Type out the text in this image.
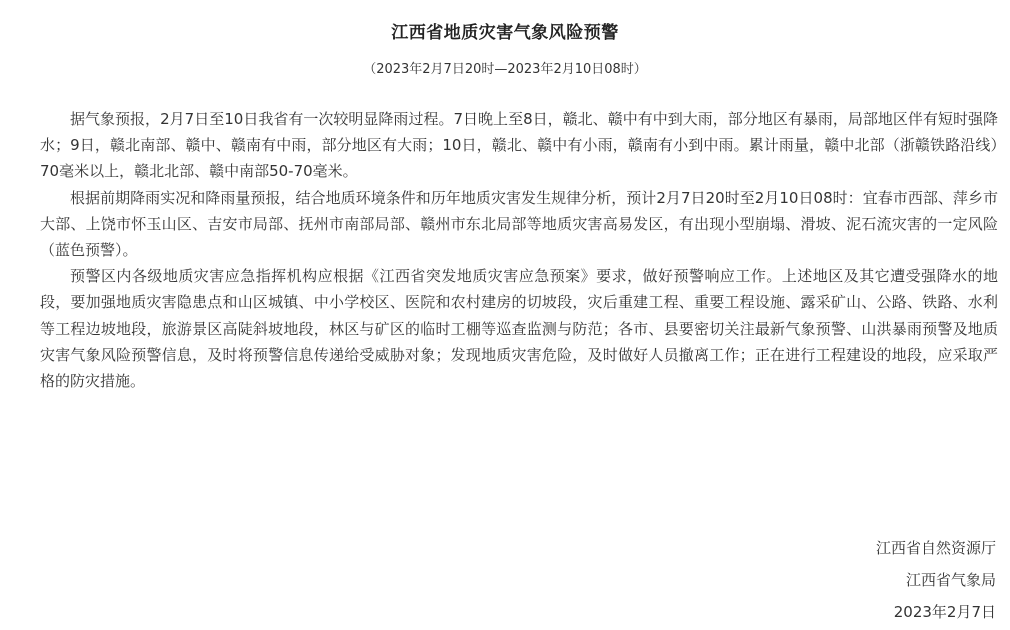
江西省地质灾害气象风险预警
（2023年2月7日20时—2023年2月10日08时）

据气象预报，2月7日至10日我省有一次较明显降雨过程。7日晚上至8日，赣北、赣中有中到大雨，部分地区有暴雨，局部地区伴有短时强降水；9日，赣北南部、赣中、赣南有中雨，部分地区有大雨；10日，赣北、赣中有小雨，赣南有小到中雨。累计雨量，赣中北部（浙赣铁路沿线）70毫米以上，赣北北部、赣中南部50-70毫米。

根据前期降雨实况和降雨量预报，结合地质环境条件和历年地质灾害发生规律分析，预计2月7日20时至2月10日08时：宜春市西部、萍乡市大部、上饶市怀玉山区、吉安市局部、抚州市南部局部、赣州市东北局部等地质灾害高易发区，有出现小型崩塌、滑坡、泥石流灾害的一定风险（蓝色预警）。

预警区内各级地质灾害应急指挥机构应根据《江西省突发地质灾害应急预案》要求，做好预警响应工作。上述地区及其它遭受强降水的地段，要加强地质灾害隐患点和山区城镇、中小学校区、医院和农村建房的切坡段，灾后重建工程、重要工程设施、露采矿山、公路、铁路、水利等工程边坡地段，旅游景区高陡斜坡地段，林区与矿区的临时工棚等巡查监测与防范；各市、县要密切关注最新气象预警、山洪暴雨预警及地质灾害气象风险预警信息，及时将预警信息传递给受威胁对象；发现地质灾害危险，及时做好人员撤离工作；正在进行工程建设的地段，应采取严格的防灾措施。

江西省自然资源厅
江西省气象局
2023年2月7日
